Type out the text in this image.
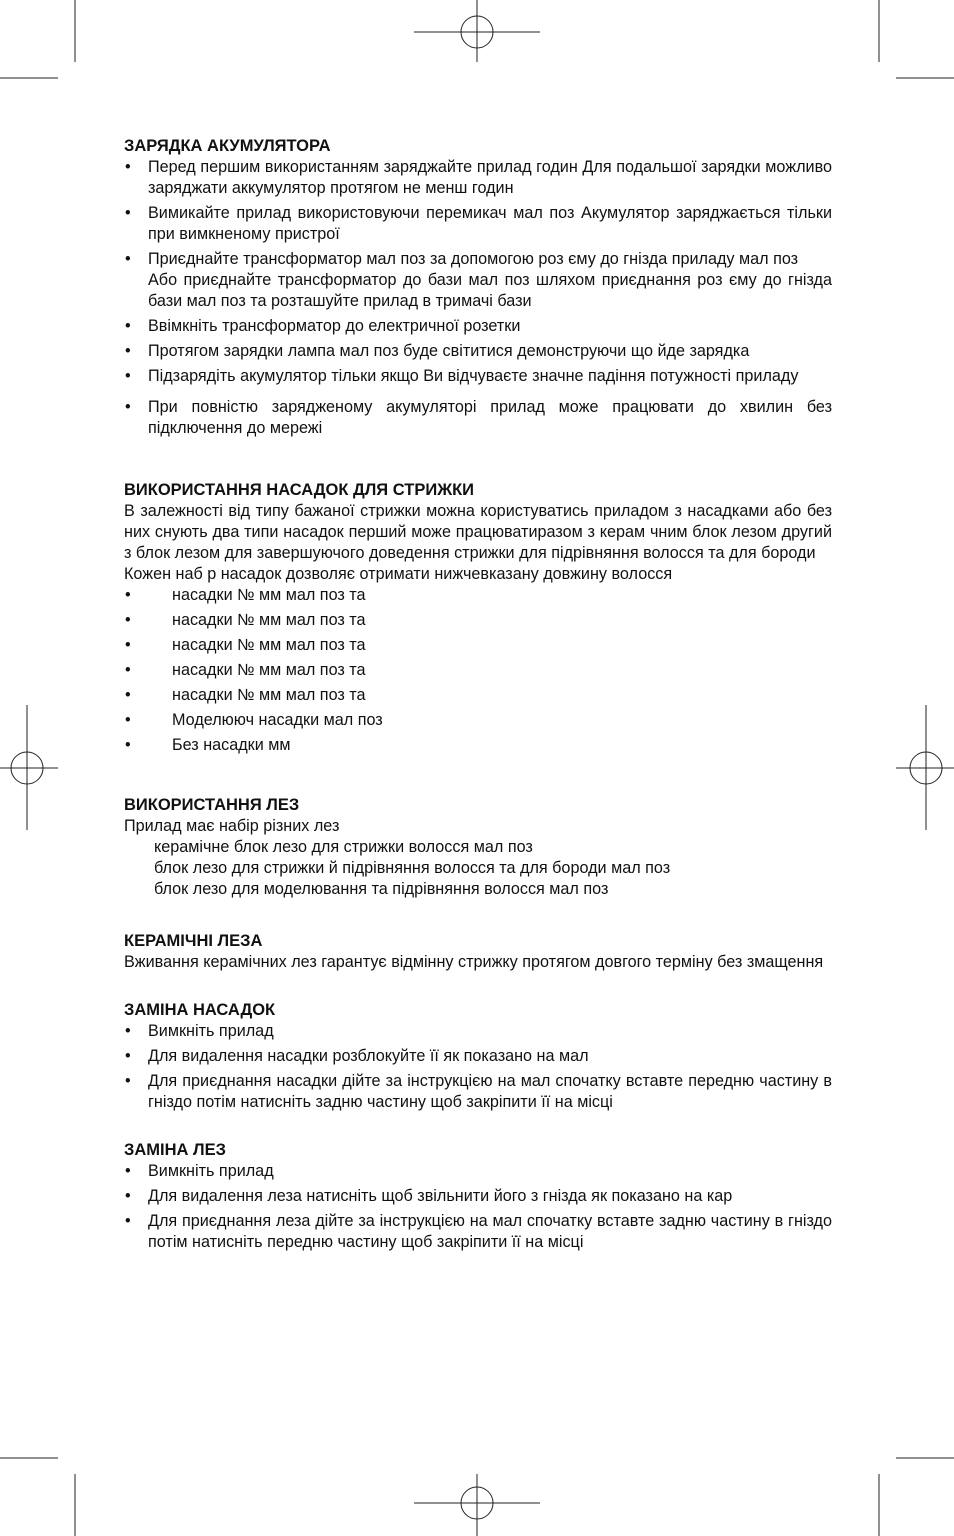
ЗАРЯДКА АКУМУЛЯТОРА
• Перед першим використанням заряджайте прилад годин Для подальшої зарядки можливо заряджати аккумулятор протягом не менш годин
• Вимикайте прилад використовуючи перемикач мал поз Акумулятор заряджається тільки при вимкненому пристрої
• Приєднайте трансформатор мал поз за допомогою роз єму до гнізда приладу мал поз
Або приєднайте трансформатор до бази мал поз шляхом приєднання роз єму до гнізда бази мал поз та розташуйте прилад в тримачі бази
• Ввімкніть трансформатор до електричної розетки
• Протягом зарядки лампа мал поз буде світитися демонструючи що йде зарядка
• Підзарядіть акумулятор тільки якщо Ви відчуваєте значне падіння потужності приладу
• При повністю зарядженому акумуляторі прилад може працювати до хвилин без підключення до мережі
ВИКОРИСТАННЯ НАСАДОК ДЛЯ СТРИЖКИ

В залежності від типу бажаної стрижки можна користуватись приладом з насадками або без них снують два типи насадок перший може працюватиразом з керам чним блок лезом другий з блок лезом для завершуючого доведення стрижки для підрівняння волосся та для бороди

Кожен наб р насадок дозволяє отримати нижчевказану довжину волосся

• насадки № мм мал поз та
• насадки № мм мал поз та
• насадки № мм мал поз та
• насадки № мм мал поз та
• насадки № мм мал поз та
• Моделююч насадки мал поз
• Без насадки мм
ВИКОРИСТАННЯ ЛЕЗ

Прилад має набір різних лез

керамічне блок лезо для стрижки волосся мал поз
блок лезо для стрижки й підрівняння волосся та для бороди мал поз
блок лезо для моделювання та підрівняння волосся мал поз
КЕРАМІЧНІ ЛЕЗА

Вживання керамічних лез гарантує відмінну стрижку протягом довгого терміну без змащення

ЗАМІНА НАСАДОК
• Вимкніть прилад
• Для видалення насадки розблокуйте її як показано на мал
• Для приєднання насадки дійте за інструкцією на мал спочатку вставте передню частину в гніздо потім натисніть задню частину щоб закріпити її на місці
ЗАМІНА ЛЕЗ
• Вимкніть прилад
• Для видалення леза натисніть щоб звільнити його з гнізда як показано на кар
• Для приєднання леза дійте за інструкцією на мал спочатку вставте задню частину в гніздо потім натисніть передню частину щоб закріпити її на місці
